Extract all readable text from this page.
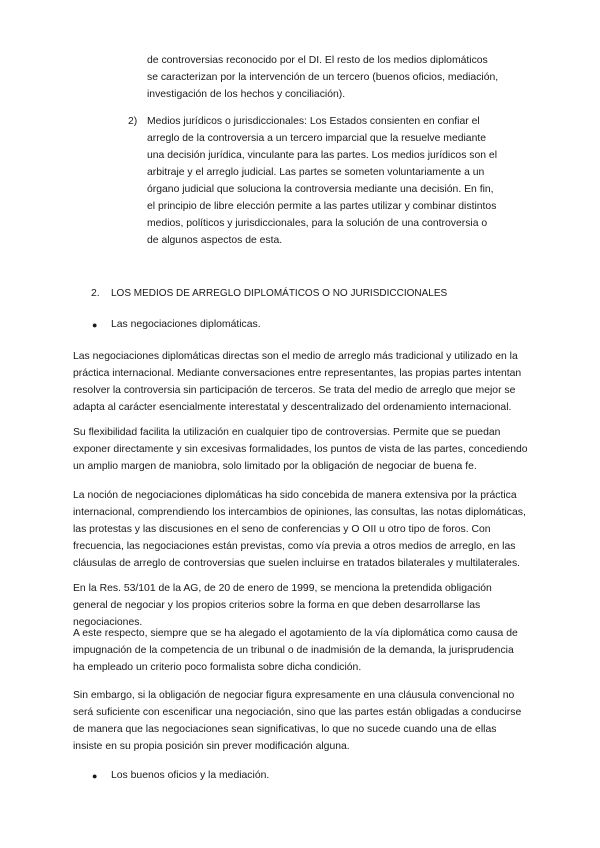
de controversias reconocido por el DI. El resto de los medios diplomáticos se caracterizan por la intervención de un tercero (buenos oficios, mediación, investigación de los hechos y conciliación).

2) Medios jurídicos o jurisdiccionales: Los Estados consienten en confiar el arreglo de la controversia a un tercero imparcial que la resuelve mediante una decisión jurídica, vinculante para las partes. Los medios jurídicos son el arbitraje y el arreglo judicial. Las partes se someten voluntariamente a un órgano judicial que soluciona la controversia mediante una decisión. En fin, el principio de libre elección permite a las partes utilizar y combinar distintos medios, políticos y jurisdiccionales, para la solución de una controversia o de algunos aspectos de esta.

2. LOS MEDIOS DE ARREGLO DIPLOMÁTICOS O NO JURISDICCIONALES

● Las negociaciones diplomáticas.

Las negociaciones diplomáticas directas son el medio de arreglo más tradicional y utilizado en la práctica internacional. Mediante conversaciones entre representantes, las propias partes intentan resolver la controversia sin participación de terceros. Se trata del medio de arreglo que mejor se adapta al carácter esencialmente interestatal y descentralizado del ordenamiento internacional.

Su flexibilidad facilita la utilización en cualquier tipo de controversias. Permite que se puedan exponer directamente y sin excesivas formalidades, los puntos de vista de las partes, concediendo un amplio margen de maniobra, solo limitado por la obligación de negociar de buena fe.

La noción de negociaciones diplomáticas ha sido concebida de manera extensiva por la práctica internacional, comprendiendo los intercambios de opiniones, las consultas, las notas diplomáticas, las protestas y las discusiones en el seno de conferencias y O OII u otro tipo de foros. Con frecuencia, las negociaciones están previstas, como vía previa a otros medios de arreglo, en las cláusulas de arreglo de controversias que suelen incluirse en tratados bilaterales y multilaterales.

En la Res. 53/101 de la AG, de 20 de enero de 1999, se menciona la pretendida obligación general de negociar y los propios criterios sobre la forma en que deben desarrollarse las negociaciones.

A este respecto, siempre que se ha alegado el agotamiento de la vía diplomática como causa de impugnación de la competencia de un tribunal o de inadmisión de la demanda, la jurisprudencia ha empleado un criterio poco formalista sobre dicha condición.

Sin embargo, si la obligación de negociar figura expresamente en una cláusula convencional no será suficiente con escenificar una negociación, sino que las partes están obligadas a conducirse de manera que las negociaciones sean significativas, lo que no sucede cuando una de ellas insiste en su propia posición sin prever modificación alguna.

● Los buenos oficios y la mediación.
